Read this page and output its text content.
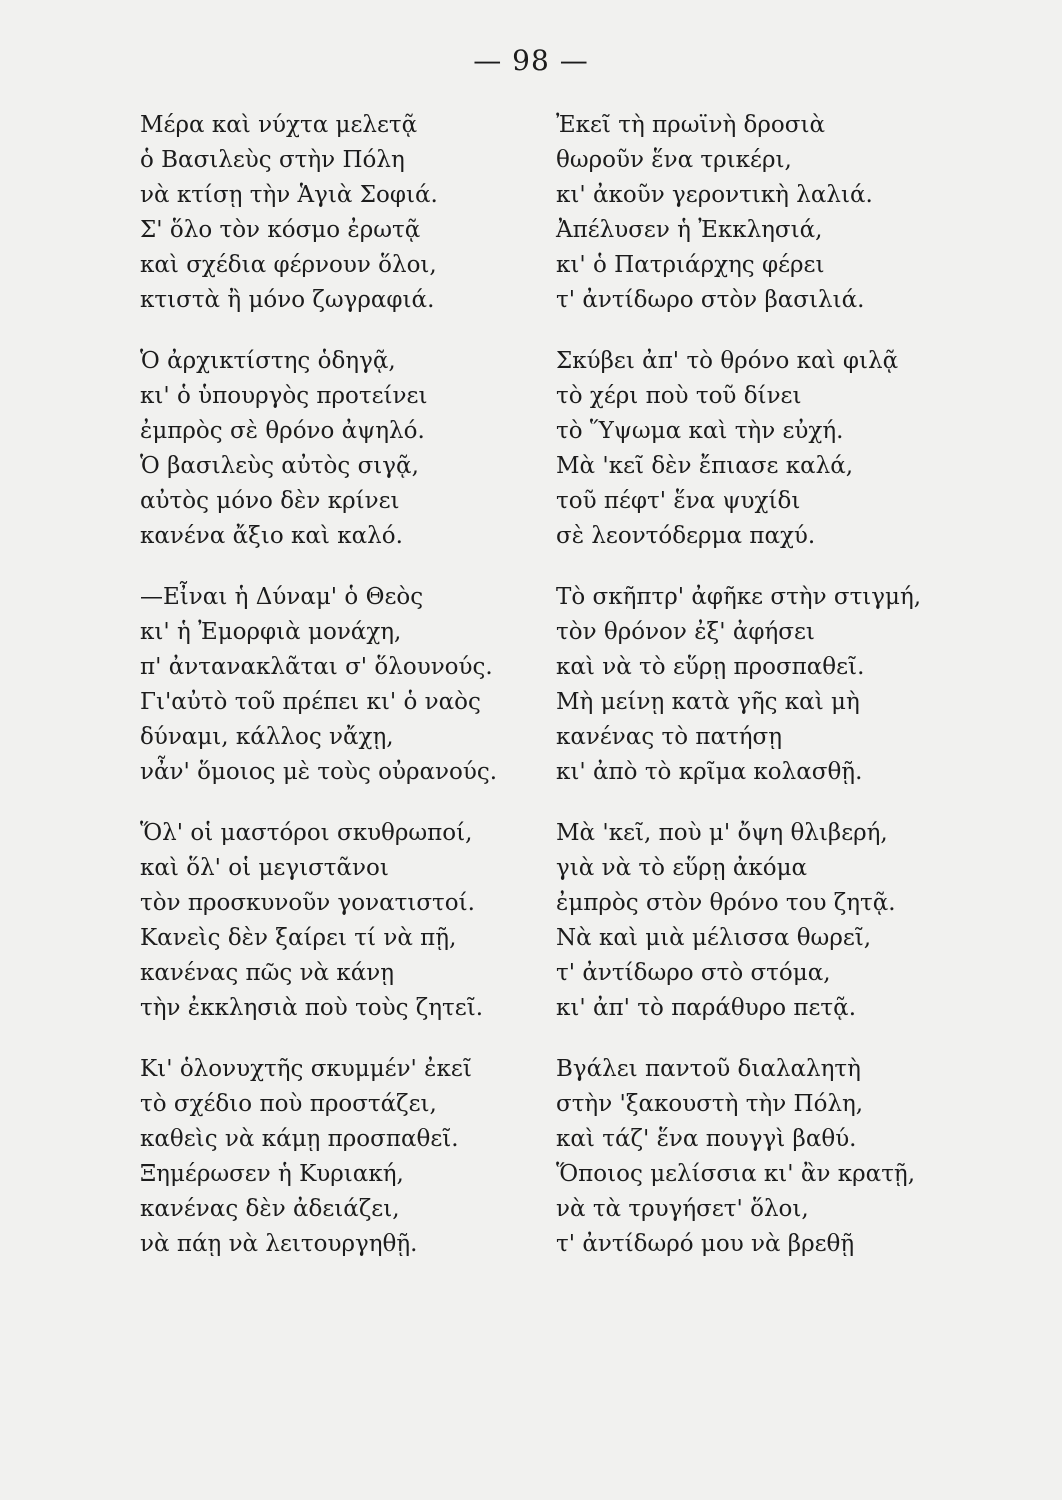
— 98 —
Μέρα καὶ νύχτα μελετᾷ
ὁ Βασιλεὺς στὴν Πόλη
νὰ κτίσῃ τὴν Ἁγιὰ Σοφιά.
Σ' ὅλο τὸν κόσμο ἐρωτᾷ
καὶ σχέδια φέρνουν ὅλοι,
κτιστὰ ἢ μόνο ζωγραφιά.
Ὁ ἀρχικτίστης ὁδηγᾷ,
κι' ὁ ὑπουργὸς προτείνει
ἐμπρὸς σὲ θρόνο ἀψηλό.
Ὁ βασιλεὺς αὐτὸς σιγᾷ,
αὐτὸς μόνο δὲν κρίνει
κανένα ἄξιο καὶ καλό.
—Εἶναι ἡ Δύναμ' ὁ Θεὸς
κι' ἡ Ἐμορφιὰ μονάχη,
π' ἀντανακλᾶται σ' ὅλουνούς.
Γι'αὐτὸ τοῦ πρέπει κι' ὁ ναὸς
δύναμι, κάλλος νἄχῃ,
νἆν' ὅμοιος μὲ τοὺς οὐρανούς.
Ὅλ' οἱ μαστόροι σκυθρωποί,
καὶ ὅλ' οἱ μεγιστᾶνοι
τὸν προσκυνοῦν γονατιστοί.
Κανεὶς δὲν ξαίρει τί νὰ πῇ,
κανένας πῶς νὰ κάνῃ
τὴν ἐκκλησιὰ ποὺ τοὺς ζητεῖ.
Κι' ὁλονυχτῆς σκυμμέν' ἐκεῖ
τὸ σχέδιο ποὺ προστάζει,
καθεὶς νὰ κάμῃ προσπαθεῖ.
Ξημέρωσεν ἡ Κυριακή,
κανένας δὲν ἀδειάζει,
νὰ πάῃ νὰ λειτουργηθῇ.
Ἐκεῖ τὴ πρωϊνὴ δροσιὰ
θωροῦν ἕνα τρικέρι,
κι' ἀκοῦν γεροντικὴ λαλιά.
Ἀπέλυσεν ἡ Ἐκκλησιά,
κι' ὁ Πατριάρχης φέρει
τ' ἀντίδωρο στὸν βασιλιά.
Σκύβει ἀπ' τὸ θρόνο καὶ φιλᾷ
τὸ χέρι ποὺ τοῦ δίνει
τὸ Ὕψωμα καὶ τὴν εὐχή.
Μὰ 'κεῖ δὲν ἔπιασε καλά,
τοῦ πέφτ' ἕνα ψυχίδι
σὲ λεοντόδερμα παχύ.
Τὸ σκῆπτρ' ἀφῆκε στὴν στιγμή,
τὸν θρόνον ἐξ' ἀφήσει
καὶ νὰ τὸ εὕρῃ προσπαθεῖ.
Μὴ μείνῃ κατὰ γῆς καὶ μὴ
κανένας τὸ πατήσῃ
κι' ἀπὸ τὸ κρῖμα κολασθῇ.
Μὰ 'κεῖ, ποὺ μ' ὄψη θλιβερή,
γιὰ νὰ τὸ εὕρῃ ἀκόμα
ἐμπρὸς στὸν θρόνο του ζητᾷ.
Νὰ καὶ μιὰ μέλισσα θωρεῖ,
τ' ἀντίδωρο στὸ στόμα,
κι' ἀπ' τὸ παράθυρο πετᾷ.
Βγάλει παντοῦ διαλαλητὴ
στὴν 'ξακουστὴ τὴν Πόλη,
καὶ τάζ' ἕνα πουγγὶ βαθύ.
Ὅποιος μελίσσια κι' ἂν κρατῇ,
νὰ τὰ τρυγήσετ' ὅλοι,
τ' ἀντίδωρό μου νὰ βρεθῇ
